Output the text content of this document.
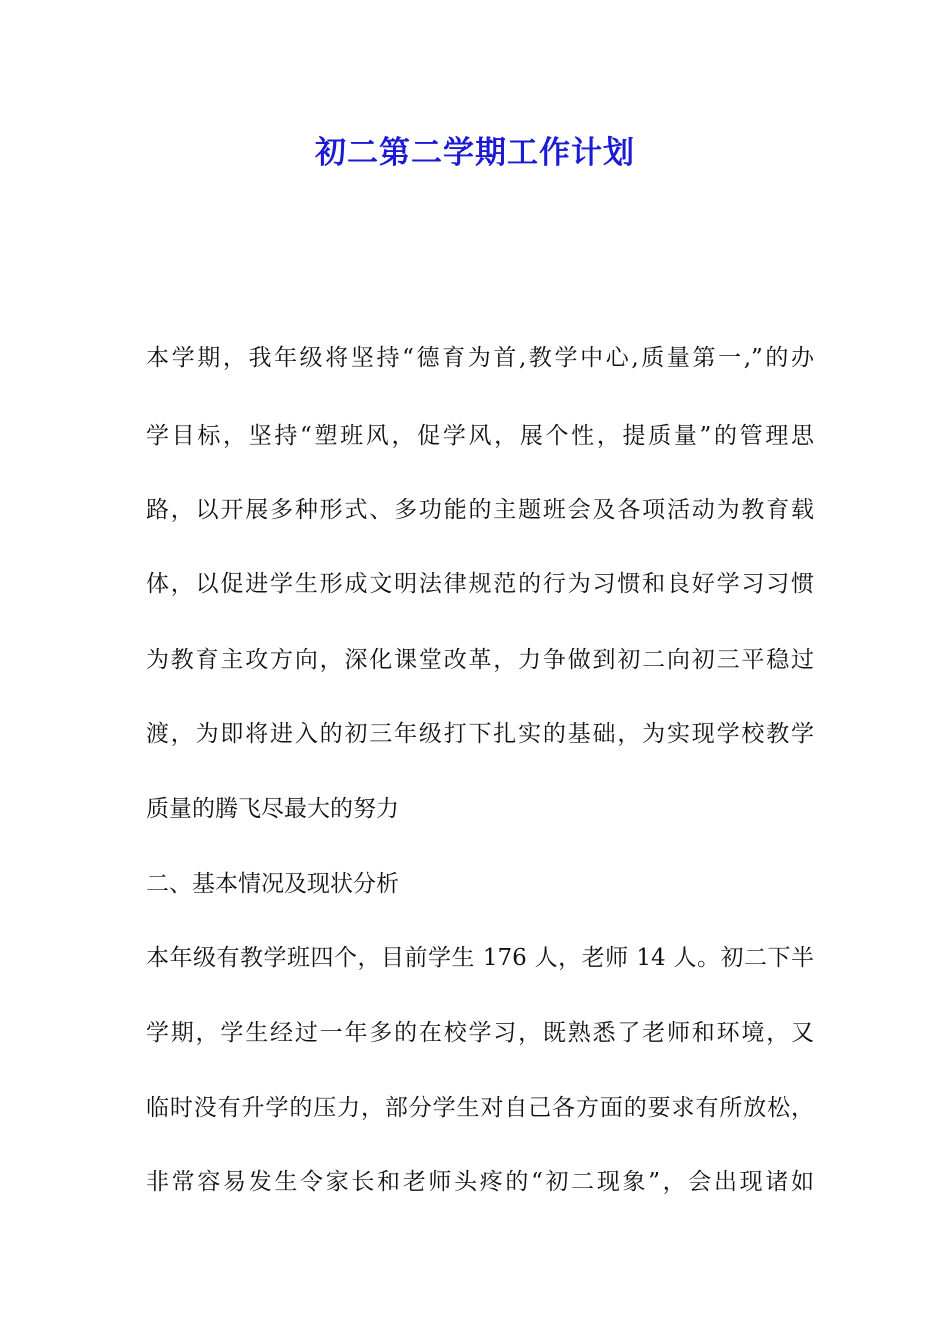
初二第二学期工作计划
本学期，我年级将坚持“德育为首,教学中心,质量第一,”的办
学目标，坚持“塑班风，促学风，展个性，提质量”的管理思
路，以开展多种形式、多功能的主题班会及各项活动为教育载
体，以促进学生形成文明法律规范的行为习惯和良好学习习惯
为教育主攻方向，深化课堂改革，力争做到初二向初三平稳过
渡，为即将进入的初三年级打下扎实的基础，为实现学校教学
质量的腾飞尽最大的努力
二、基本情况及现状分析
本年级有教学班四个，目前学生 176 人，老师 14 人。初二下半
学期，学生经过一年多的在校学习，既熟悉了老师和环境，又
临时没有升学的压力，部分学生对自己各方面的要求有所放松，
非常容易发生令家长和老师头疼的“初二现象”，会出现诸如
